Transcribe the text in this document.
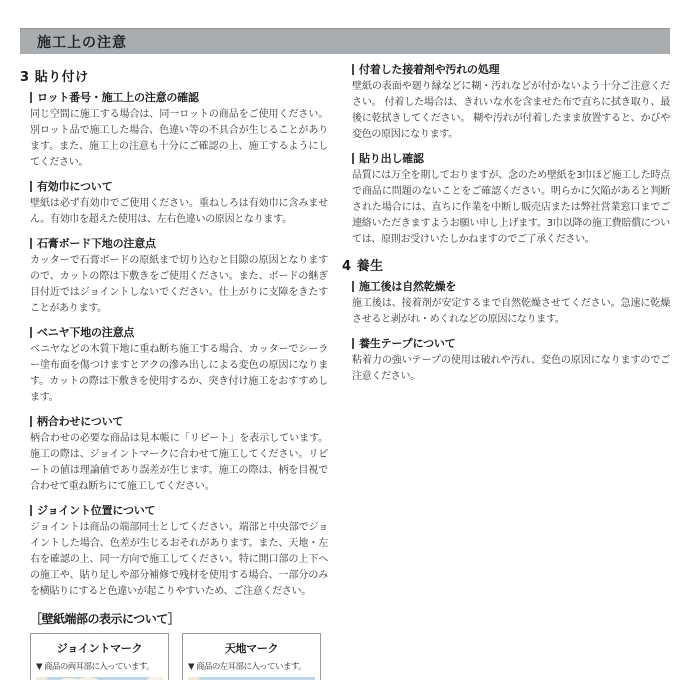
施工上の注意
3 貼り付け
ロット番号・施工上の注意の確認
同じ空間に施工する場合は、同一ロットの商品をご使用ください。別ロット品で施工した場合、色違い等の不具合が生じることがあります。また、施工上の注意も十分にご確認の上、施工するようにしてください。
有効巾について
壁紙は必ず有効巾でご使用ください。重ねしろは有効巾に含みません。有効巾を超えた使用は、左右色違いの原因となります。
石膏ボード下地の注意点
カッターで石膏ボードの原紙まで切り込むと目隙の原因となりますので、カットの際は下敷きをご使用ください。また、ボードの継ぎ目付近ではジョイントしないでください。仕上がりに支障をきたすことがあります。
ベニヤ下地の注意点
ベニヤなどの木質下地に重ね断ち施工する場合、カッターでシーラー塗布面を傷つけますとアクの滲み出しによる変色の原因になります。カットの際は下敷きを使用するか、突き付け施工をおすすめします。
柄合わせについて
柄合わせの必要な商品は見本帳に「リピート」を表示しています。施工の際は、ジョイントマークに合わせて施工してください。リピートの値は理論値であり誤差が生じます。施工の際は、柄を目視で合わせて重ね断ちにて施工してください。
ジョイント位置について
ジョイントは商品の端部同士としてください。端部と中央部でジョイントした場合、色差が生じるおそれがあります。また、天地・左右を確認の上、同一方向で施工してください。特に開口部の上下への施工や、貼り足しや部分補修で残材を使用する場合、一部分のみを横貼りにすると色違いが起こりやすいため、ご注意ください。
［壁紙端部の表示について］
ジョイントマーク
▼ 商品の両耳部に入っています。
天地マーク
▼ 商品の左耳部に入っています。
付着した接着剤や汚れの処理
壁紙の表面や廻り縁などに糊・汚れなどが付かないよう十分ご注意ください。 付着した場合は、きれいな水を含ませた布で直ちに拭き取り、最後に乾拭きしてください。 糊や汚れが付着したまま放置すると、かびや変色の原因になります。
貼り出し確認
品質には万全を期しておりますが、念のため壁紙を3巾ほど施工した時点で商品に問題のないことをご確認ください。明らかに欠陥があると判断された場合には、直ちに作業を中断し販売店または弊社営業窓口までご連絡いただきますようお願い申し上げます。3巾以降の施工費賠償については、原則お受けいたしかねますのでご了承ください。
4 養生
施工後は自然乾燥を
施工後は、接着剤が安定するまで自然乾燥させてください。急速に乾燥させると剥がれ・めくれなどの原因になります。
養生テープについて
粘着力の強いテープの使用は破れや汚れ、変色の原因になりますのでご注意ください。
